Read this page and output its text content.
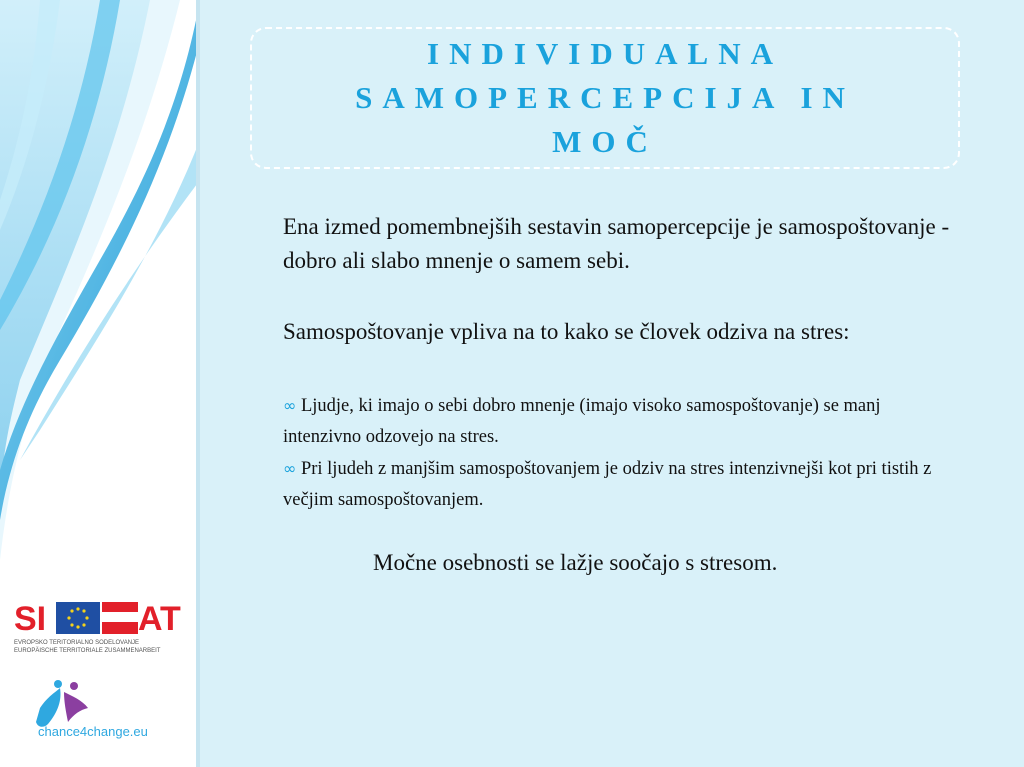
SI	AT
EVROPSKO TERITORIALNO SODELOVANJE
EUROPÄISCHE TERRITORIALE ZUSAMMENARBEIT
chance4change.eu
INDIVIDUALNA
SAMOPERCEPCIJA IN
MOČ

Ena izmed pomembnejših sestavin samopercepcije je samospoštovanje - dobro ali slabo mnenje o samem sebi.

Samospoštovanje vpliva na to kako se človek odziva na stres:

∞ Ljudje, ki imajo o sebi dobro mnenje (imajo visoko samospoštovanje) se manj intenzivno odzovejo na stres.

∞ Pri ljudeh z manjšim samospoštovanjem je odziv na stres intenzivnejši kot pri tistih z večjim samospoštovanjem.

Močne osebnosti se lažje soočajo s stresom.
